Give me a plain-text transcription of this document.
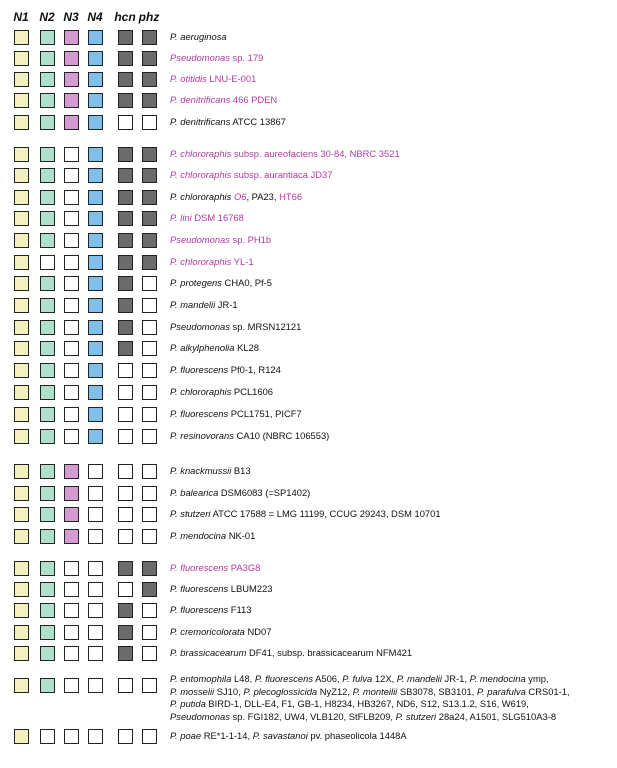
N1 N2 N3 N4 hcn phz
P. aeruginosa
Pseudomonas sp. 179
P. otitidis LNU-E-001
P. denitrificans 466 PDEN
P. denitrificans ATCC 13867
P. chlororaphis subsp. aureofaciens 30-84, NBRC 3521
P. chlororaphis subsp. aurantiaca JD37
P. chlororaphis O6, PA23, HT66
P. lini DSM 16768
Pseudomonas sp. PH1b
P. chlororaphis YL-1
P. protegens CHA0, Pf-5
P. mandelii JR-1
Pseudomonas sp. MRSN12121
P. alkylphenolia KL28
P. fluorescens Pf0-1, R124
P. chlororaphis PCL1606
P. fluorescens PCL1751, PICF7
P. resinovorans CA10 (NBRC 106553)
P. knackmussii B13
P. balearica DSM6083 (=SP1402)
P. stutzeri ATCC 17588 = LMG 11199, CCUG 29243, DSM 10701
P. mendocina NK-01
P. fluorescens PA3G8
P. fluorescens LBUM223
P. fluorescens F113
P. cremoricolorata ND07
P. brassicacearum DF41, subsp. brassicacearum NFM421
P. entomophila L48, P. fluorescens A506, P. fulva 12X, P. mandelii JR-1, P. mendocina ymp,
P. mosselii SJ10, P. plecoglossicida NyZ12, P. monteilii SB3078, SB3101, P. parafulva CRS01-1,
P. putida BIRD-1, DLL-E4, F1, GB-1, H8234, HB3267, ND6, S12, S13.1.2, S16, W619,
Pseudomonas sp. FGI182, UW4, VLB120, StFLB209, P. stutzeri 28a24, A1501, SLG510A3-8
P. poae RE*1-1-14, P. savastanoi pv. phaseolicola 1448A
